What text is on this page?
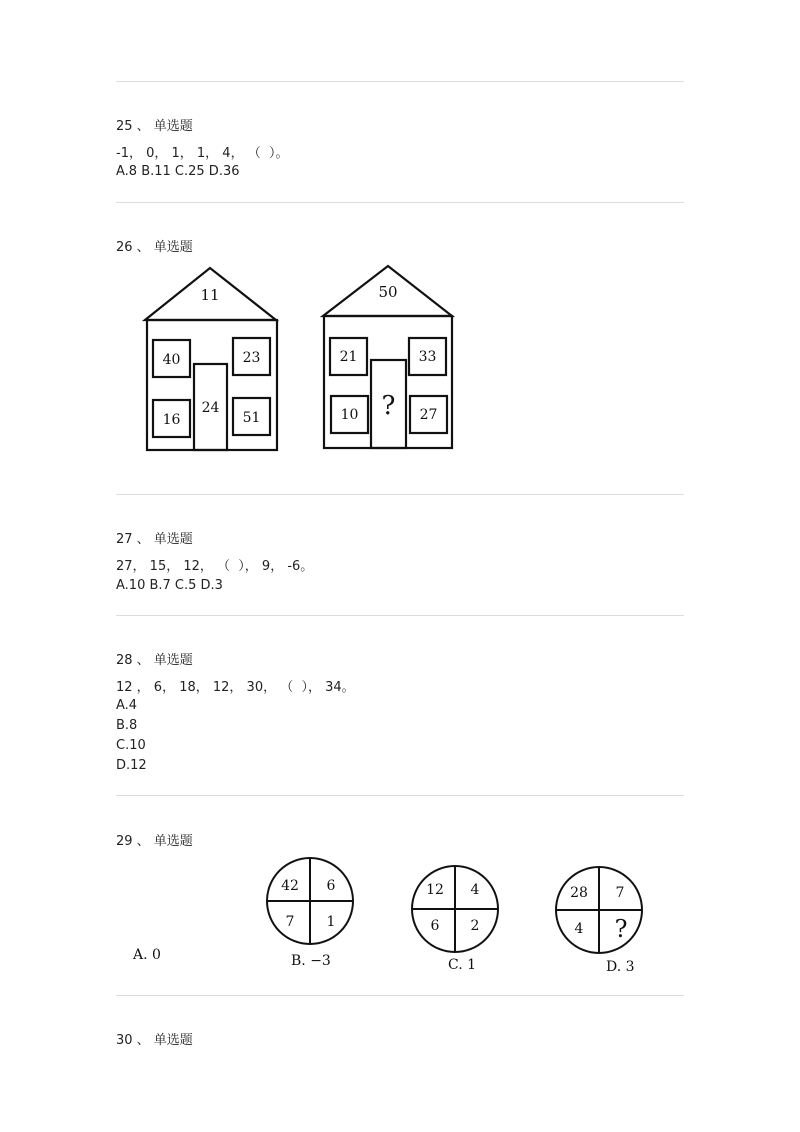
25 、 单选题
-1， 0， 1， 1， 4， （  ）。
A.8 B.11 C.25 D.36
26 、 单选题
11
40	23
16	51
24
50
21	33
10	27
?
27 、 单选题
27， 15， 12， （  ）， 9， -6。
A.10 B.7 C.5 D.3
28 、 单选题
12 ， 6， 18， 12， 30， （  ）， 34。
A.4
B.8
C.10
D.12
29 、 单选题
42 6
7 1
12 4
6 2
28 7
4 ?
A. 0	B. −3	C. 1	D. 3
30 、 单选题
